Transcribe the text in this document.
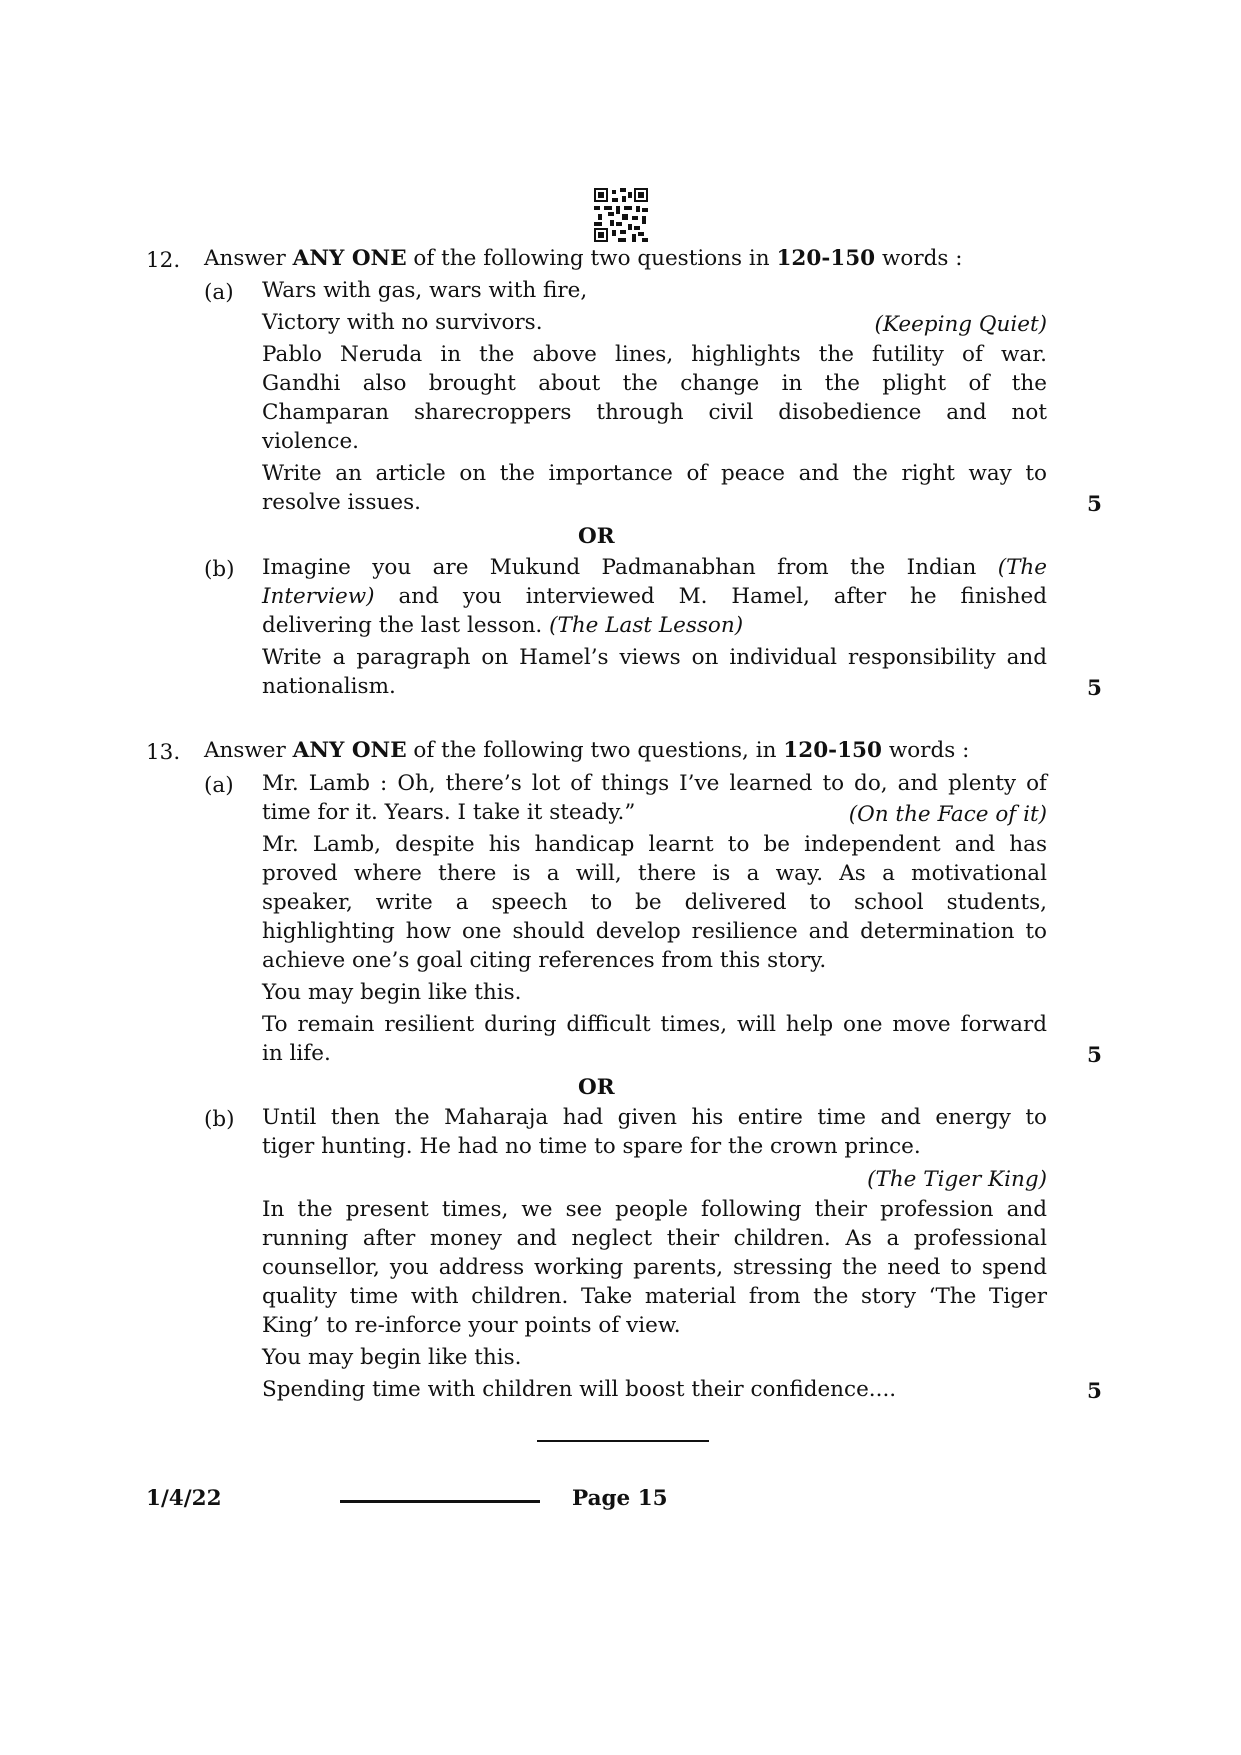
12. Answer ANY ONE of the following two questions in 120-150 words :
(a) Wars with gas, wars with fire,
Victory with no survivors.	(Keeping Quiet)
Pablo Neruda in the above lines, highlights the futility of war.
Gandhi also brought about the change in the plight of the
Champaran sharecroppers through civil disobedience and not
violence.
Write an article on the importance of peace and the right way to
resolve issues.	5
OR
(b) Imagine you are Mukund Padmanabhan from the Indian (The
Interview) and you interviewed M. Hamel, after he finished
delivering the last lesson. (The Last Lesson)
Write a paragraph on Hamel’s views on individual responsibility and
nationalism.	5
13. Answer ANY ONE of the following two questions, in 120-150 words :
(a) Mr. Lamb : Oh, there’s lot of things I’ve learned to do, and plenty of
time for it. Years. I take it steady.”	(On the Face of it)
Mr. Lamb, despite his handicap learnt to be independent and has
proved where there is a will, there is a way. As a motivational
speaker, write a speech to be delivered to school students,
highlighting how one should develop resilience and determination to
achieve one’s goal citing references from this story.
You may begin like this.
To remain resilient during difficult times, will help one move forward
in life.	5
OR
(b) Until then the Maharaja had given his entire time and energy to
tiger hunting. He had no time to spare for the crown prince.
(The Tiger King)
In the present times, we see people following their profession and
running after money and neglect their children. As a professional
counsellor, you address working parents, stressing the need to spend
quality time with children. Take material from the story ‘The Tiger
King’ to re-inforce your points of view.
You may begin like this.
Spending time with children will boost their confidence....	5
1/4/22	Page 15
